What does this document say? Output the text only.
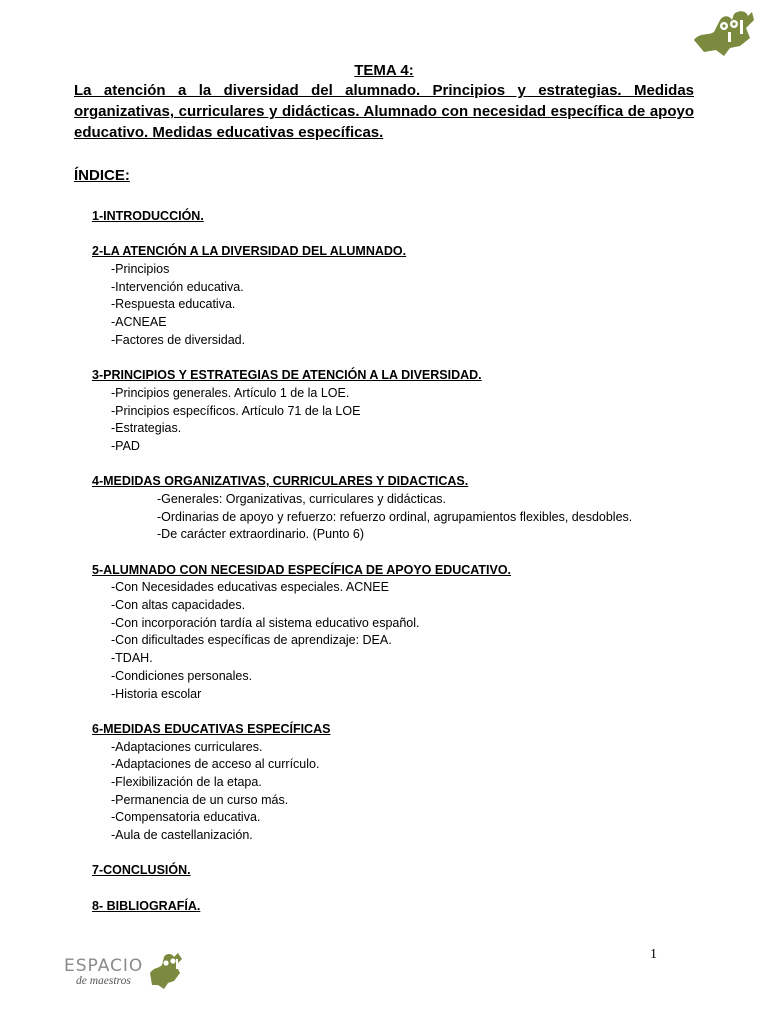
TEMA 4:
La atención a la diversidad del alumnado. Principios y estrategias. Medidas organizativas, curriculares y didácticas. Alumnado con necesidad específica de apoyo educativo. Medidas educativas específicas.
ÍNDICE:
1-INTRODUCCIÓN.
2-LA ATENCIÓN A LA DIVERSIDAD DEL ALUMNADO.
-Principios
-Intervención educativa.
-Respuesta educativa.
-ACNEAE
-Factores de diversidad.
3-PRINCIPIOS Y ESTRATEGIAS DE ATENCIÓN A LA DIVERSIDAD.
-Principios generales. Artículo 1 de la LOE.
-Principios específicos. Artículo 71 de la LOE
-Estrategias.
-PAD
4-MEDIDAS ORGANIZATIVAS, CURRICULARES Y DIDACTICAS.
-Generales: Organizativas, curriculares y didácticas.
-Ordinarias de apoyo y refuerzo: refuerzo ordinal, agrupamientos flexibles, desdobles.
-De carácter extraordinario. (Punto 6)
5-ALUMNADO CON NECESIDAD ESPECÍFICA DE APOYO EDUCATIVO.
-Con Necesidades educativas especiales. ACNEE
-Con altas capacidades.
-Con incorporación tardía al sistema educativo español.
-Con dificultades específicas de aprendizaje: DEA.
-TDAH.
-Condiciones personales.
-Historia escolar
6-MEDIDAS EDUCATIVAS ESPECÍFICAS
-Adaptaciones curriculares.
-Adaptaciones de acceso al currículo.
-Flexibilización de la etapa.
-Permanencia de un curso más.
-Compensatoria educativa.
-Aula de castellanización.
7-CONCLUSIÓN.
8- BIBLIOGRAFÍA.
1
ESPACIO
de maestros
